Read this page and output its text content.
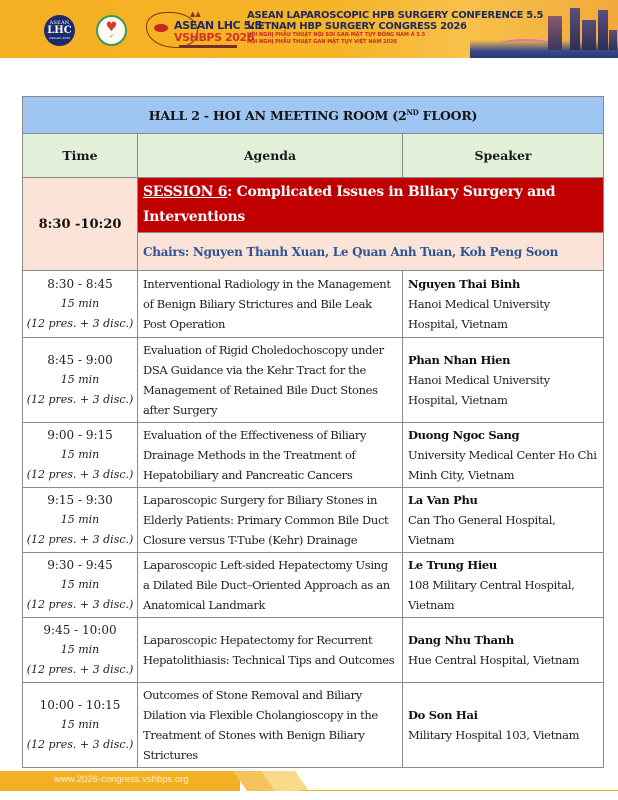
ASEAN
LHC
Vietnam 2026
♥
✓
▲▲
ASEAN LHC 5.5
VSHBPS 2026
ASEAN LAPAROSCOPIC HPB SURGERY CONFERENCE 5.5
VIETNAM HBP SURGERY CONGRESS 2026
HỘI NGHỊ PHẪU THUẬT NỘI SOI GAN MẬT TỤY ĐÔNG NAM Á 5.5
HỘI NGHỊ PHẪU THUẬT GAN MẬT TỤY VIỆT NAM 2026
HALL 2 - HOI AN MEETING ROOM (2ND FLOOR)		
Time	Agenda	Speaker
8:30 -10:20	SESSION 6: Complicated Issues in Biliary Surgery and Interventions	
	Chairs: Nguyen Thanh Xuan, Le Quan Anh Tuan, Koh Peng Soon	

8:30 - 8:45
15 min
(12 pres. + 3 disc.)	Interventional Radiology in the Management of Benign Biliary Strictures and Bile Leak Post Operation	Nguyen Thai Binh
Hanoi Medical University Hospital, Vietnam

8:45 - 9:00
15 min
(12 pres. + 3 disc.)	Evaluation of Rigid Choledochoscopy under DSA Guidance via the Kehr Tract for the Management of Retained Bile Duct Stones after Surgery	Phan Nhan Hien
Hanoi Medical University Hospital, Vietnam

9:00 - 9:15
15 min
(12 pres. + 3 disc.)	Evaluation of the Effectiveness of Biliary Drainage Methods in the Treatment of Hepatobiliary and Pancreatic Cancers	Duong Ngoc Sang
University Medical Center Ho Chi Minh City, Vietnam

9:15 - 9:30
15 min
(12 pres. + 3 disc.)	Laparoscopic Surgery for Biliary Stones in Elderly Patients: Primary Common Bile Duct Closure versus T-Tube (Kehr) Drainage	La Van Phu
Can Tho General Hospital, Vietnam

9:30 - 9:45
15 min
(12 pres. + 3 disc.)	Laparoscopic Left-sided Hepatectomy Using a Dilated Bile Duct–Oriented Approach as an Anatomical Landmark	Le Trung Hieu
108 Military Central Hospital, Vietnam

9:45 - 10:00
15 min
(12 pres. + 3 disc.)	Laparoscopic Hepatectomy for Recurrent Hepatolithiasis: Technical Tips and Outcomes	Dang Nhu Thanh
Hue Central Hospital, Vietnam

10:00 - 10:15
15 min
(12 pres. + 3 disc.)	Outcomes of Stone Removal and Biliary Dilation via Flexible Cholangioscopy in the Treatment of Stones with Benign Biliary Strictures	Do Son Hai
Military Hospital 103, Vietnam
www.2026-congress.vshbps.org
